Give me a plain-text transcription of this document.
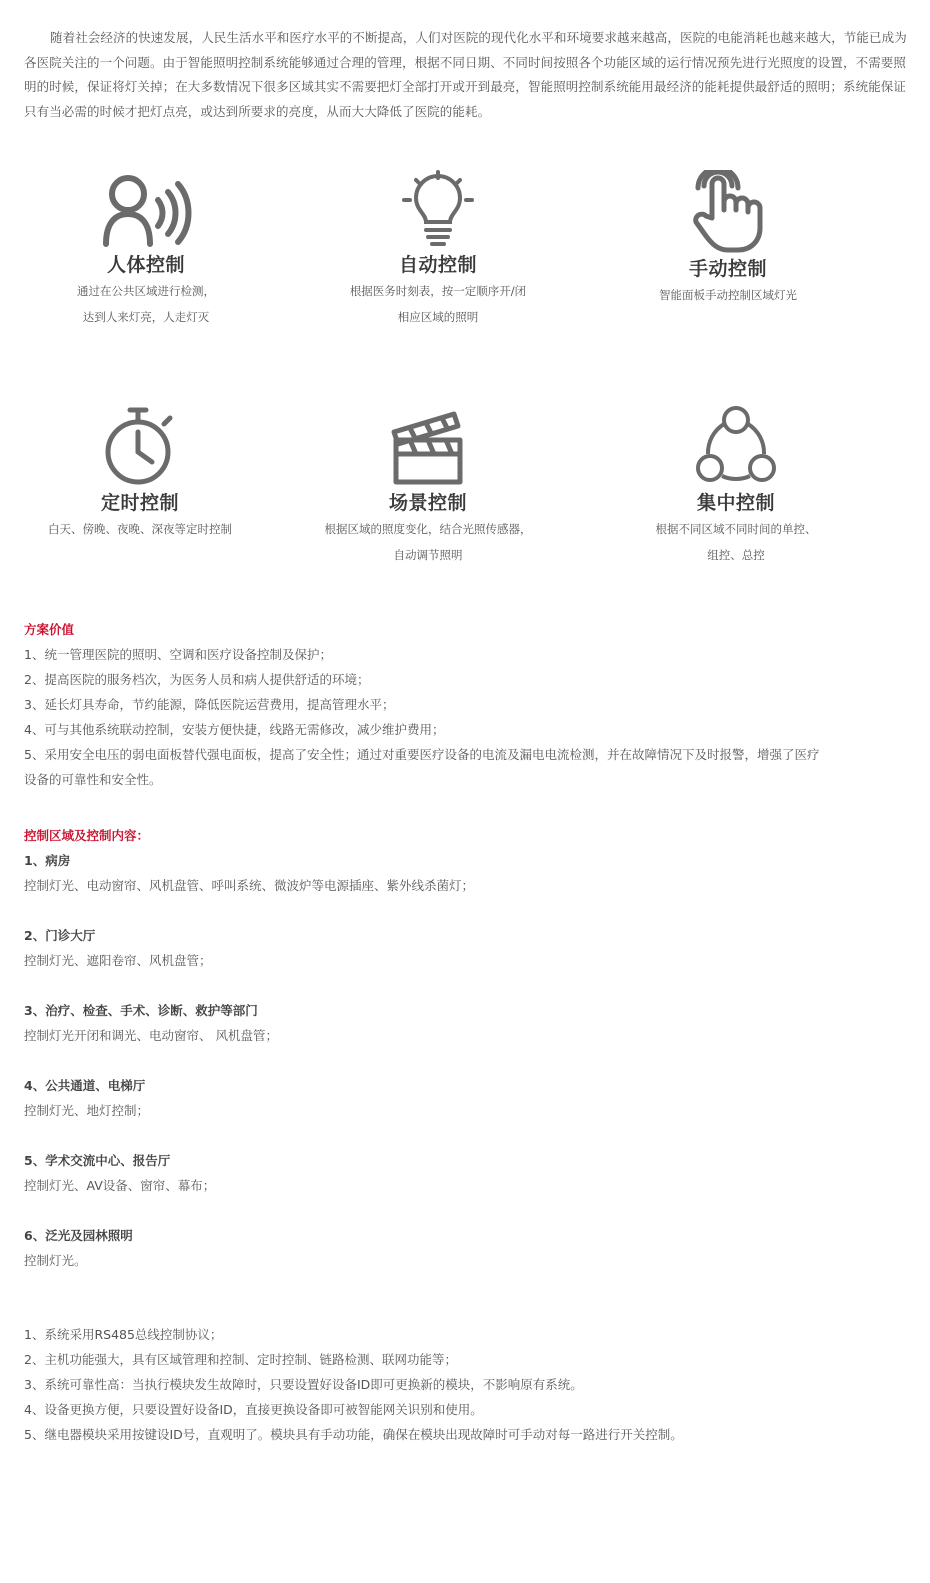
随着社会经济的快速发展，人民生活水平和医疗水平的不断提高，人们对医院的现代化水平和环境要求越来越高，医院的电能消耗也越来越大，节能已成为各医院关注的一个问题。由于智能照明控制系统能够通过合理的管理，根据不同日期、不同时间按照各个功能区域的运行情况预先进行光照度的设置，不需要照明的时候，保证将灯关掉；在大多数情况下很多区域其实不需要把灯全部打开或开到最亮，智能照明控制系统能用最经济的能耗提供最舒适的照明；系统能保证只有当必需的时候才把灯点亮，或达到所要求的亮度，从而大大降低了医院的能耗。

人体控制
通过在公共区域进行检测，
达到人来灯亮，人走灯灭
自动控制
根据医务时刻表，按一定顺序开/闭
相应区域的照明
手动控制
智能面板手动控制区域灯光
定时控制
白天、傍晚、夜晚、深夜等定时控制
场景控制
根据区域的照度变化，结合光照传感器，
自动调节照明
集中控制
根据不同区域不同时间的单控、
组控、总控

方案价值

1、统一管理医院的照明、空调和医疗设备控制及保护；

2、提高医院的服务档次，为医务人员和病人提供舒适的环境；

3、延长灯具寿命，节约能源，降低医院运营费用，提高管理水平；

4、可与其他系统联动控制，安装方便快捷，线路无需修改，减少维护费用；

5、采用安全电压的弱电面板替代强电面板，提高了安全性；通过对重要医疗设备的电流及漏电电流检测，并在故障情况下及时报警，增强了医疗

设备的可靠性和安全性。

控制区域及控制内容：

1、病房

控制灯光、电动窗帘、风机盘管、呼叫系统、微波炉等电源插座、紫外线杀菌灯；

2、门诊大厅

控制灯光、遮阳卷帘、风机盘管；

3、治疗、检查、手术、诊断、救护等部门

控制灯光开闭和调光、电动窗帘、 风机盘管；

4、公共通道、电梯厅

控制灯光、地灯控制；

5、学术交流中心、报告厅

控制灯光、AV设备、窗帘、幕布；

6、泛光及园林照明

控制灯光。

1、系统采用RS485总线控制协议；

2、主机功能强大，具有区域管理和控制、定时控制、链路检测、联网功能等；

3、系统可靠性高：当执行模块发生故障时，只要设置好设备ID即可更换新的模块，不影响原有系统。

4、设备更换方便，只要设置好设备ID，直接更换设备即可被智能网关识别和使用。

5、继电器模块采用按键设ID号，直观明了。模块具有手动功能，确保在模块出现故障时可手动对每一路进行开关控制。
